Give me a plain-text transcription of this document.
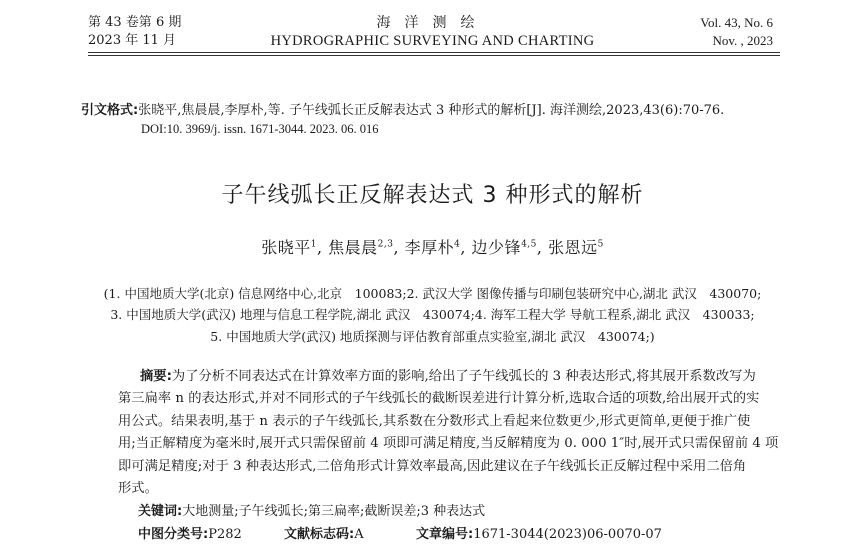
第 43 卷第 6 期
2023 年 11 月
海洋测绘
HYDROGRAPHIC SURVEYING AND CHARTING
Vol. 43, No. 6
Nov. , 2023
引文格式:张晓平,焦晨晨,李厚朴,等. 子午线弧长正反解表达式 3 种形式的解析[J]. 海洋测绘,2023,43(6):70-76.
DOI:10. 3969/j. issn. 1671-3044. 2023. 06. 016
子午线弧长正反解表达式 3 种形式的解析
张晓平$^1$, 焦晨晨$^{2,3}$, 李厚朴$^4$, 边少锋$^{4,5}$, 张恩远$^5$
(1. 中国地质大学(北京) 信息网络中心,北京　100083;2. 武汉大学 图像传播与印刷包装研究中心,湖北 武汉　430070;
3. 中国地质大学(武汉) 地理与信息工程学院,湖北 武汉　430074;4. 海军工程大学 导航工程系,湖北 武汉　430033;
5. 中国地质大学(武汉) 地质探测与评估教育部重点实验室,湖北 武汉　430074;)
摘要:为了分析不同表达式在计算效率方面的影响,给出了子午线弧长的 3 种表达形式,将其展开系数改写为
第三扁率 n 的表达形式,并对不同形式的子午线弧长的截断误差进行计算分析,选取合适的项数,给出展开式的实
用公式。结果表明,基于 n 表示的子午线弧长,其系数在分数形式上看起来位数更少,形式更简单,更便于推广使
用;当正解精度为毫米时,展开式只需保留前 4 项即可满足精度,当反解精度为 0. 000 1″时,展开式只需保留前 4 项
即可满足精度;对于 3 种表达形式,二倍角形式计算效率最高,因此建议在子午线弧长正反解过程中采用二倍角
形式。
关键词:大地测量;子午线弧长;第三扁率;截断误差;3 种表达式
中图分类号:P282	文献标志码:A	文章编号:1671-3044(2023)06-0070-07
